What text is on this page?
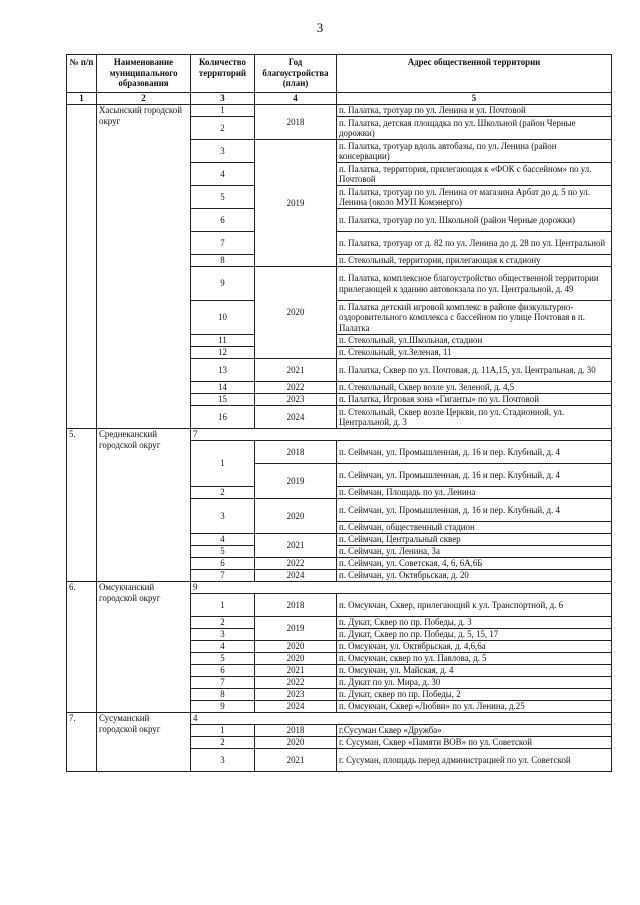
3
№ п/п	Наименование муниципального образования	Количество территорий	Год благоустройства (план)	Адрес общественной территории
1	2	3	4	5
	Хасынский городской округ	1	2018	п. Палатка, тротуар по ул. Ленина и ул. Почтовой
		2		п. Палатка, детская площадка по ул. Школьной (район Черные дорожки)
		3	2019	п. Палатка, тротуар вдоль автобазы, по ул. Ленина (район консервации)
		4		п. Палатка, территория, прилегающая к «ФОК с бассейном» по ул. Почтовой
		5		п. Палатка, тротуар по ул. Ленина от магазина Арбат до д. 5 по ул. Ленина (около МУП Комэнерго)
		6		п. Палатка, тротуар по ул. Школьной (район Черные дорожки)
		7		п. Палатка, тротуар от д. 82 по ул. Ленина до д. 28 по ул. Центральной
		8		п. Стекольный, территория, прилегающая к стадиону
		9	2020	п. Палатка, комплексное благоустройство общественной территории прилегающей к зданию автовокзала по ул. Центральной, д. 49
		10		п. Палатка детский игровой комплекс в районе физкультурно-оздоровительного комплекса с бассейном по улице Почтовая в п. Палатка
		11		п. Стекольный, ул.Школьная, стадион
		12		п. Стекольный, ул.Зеленая, 11
		13	2021	п. Палатка, Сквер по ул. Почтовая, д. 11А,15, ул. Центральная, д. 30
		14	2022	п. Стекольный, Сквер возле ул. Зеленой, д. 4,5
		15	2023	п. Палатка, Игровая зона «Гиганты» по ул. Почтовой
		16	2024	п. Стекольный, Сквер возле Церкви, по ул. Стадионной, ул. Центральной, д. 3
5.	Среднеканский городской округ	7		
		1	2018	п. Сеймчан, ул. Промышленная, д. 16 и пер. Клубный, д. 4
			2019	п. Сеймчан, ул. Промышленная, д. 16 и пер. Клубный, д. 4
		2		п. Сеймчан, Площадь по ул. Ленина
		3	2020	п. Сеймчан, ул. Промышленная, д. 16 и пер. Клубный, д. 4
				п. Сеймчан, общественный стадион
		4	2021	п. Сеймчан, Центральный сквер
		5		п. Сеймчан, ул. Ленина, 3а
		6	2022	п. Сеймчан, ул. Советская, 4, 6, 6А,6Б
		7	2024	п. Сеймчан, ул. Октябрьская, д. 20
6.	Омсукчанский городской округ	9		
		1	2018	п. Омсукчан, Сквер, прилегающий к ул. Транспортной, д. 6
		2	2019	п. Дукат, Сквер по пр. Победы, д. 3
		3		п. Дукат, Сквер по пр. Победы, д. 5, 15, 17
		4	2020	п. Омсукчан, ул. Октябрьская, д. 4,6,6а
		5	2020	п. Омсукчан, сквер по ул. Павлова, д. 5
		6	2021	п. Омсукчан, ул. Майская, д. 4
		7	2022	п. Дукат по ул. Мира, д. 30
		8	2023	п. Дукат, сквер по пр. Победы, 2
		9	2024	п. Омсукчан, Сквер «Любви» по ул. Ленина, д.25
7.	Сусуманский городской округ	4		
		1	2018	г.Сусуман Сквер «Дружба»
		2	2020	г. Сусуман, Сквер «Памяти ВОВ» по ул. Советской
		3	2021	г. Сусуман, площадь перед администрацией по ул. Советской
